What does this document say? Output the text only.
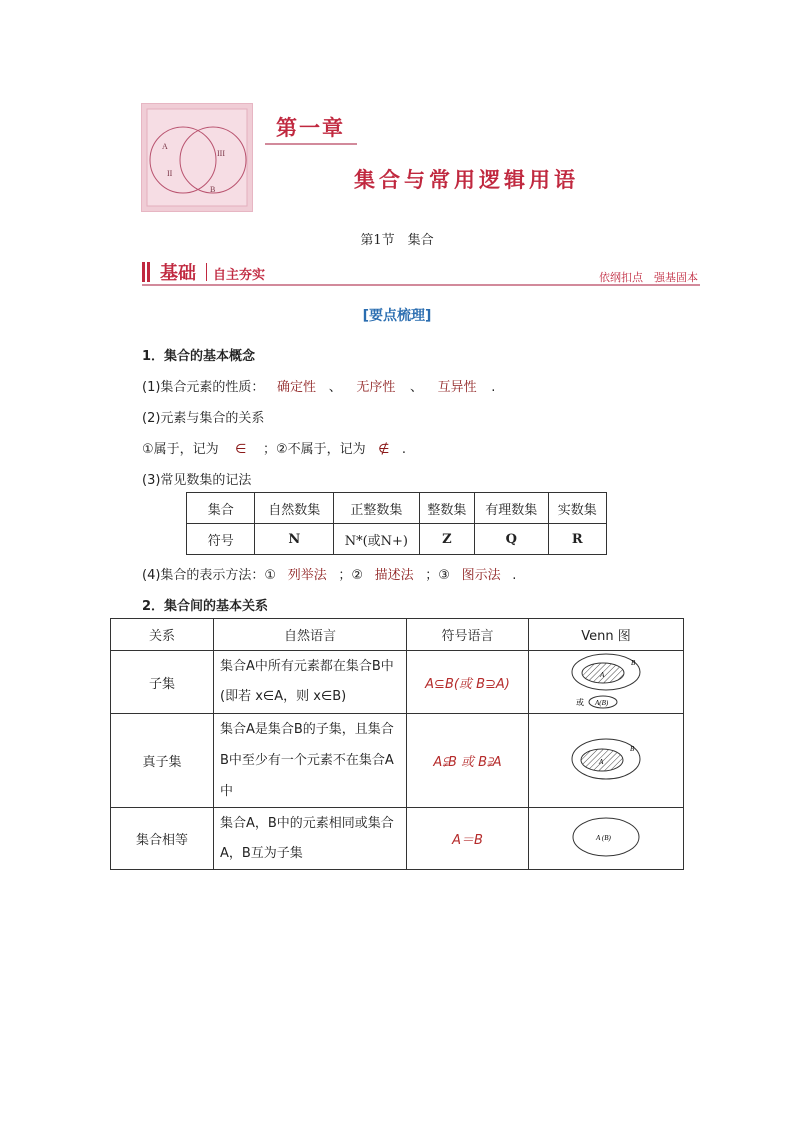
A
II
III
B
第一章
集合与常用逻辑用语
第1节　集合
基础 自主夯实	依纲扣点　强基固本
[要点梳理]
1．集合的基本概念
(1)集合元素的性质： 确定性 、 无序性 、 互异性 .
(2)元素与集合的关系
①属于，记为 ∈ ；②不属于，记为 ∉ .
(3)常见数集的记法
集合	自然数集	正整数集	整数集	有理数集	实数集
符号	N	N*(或N+)	Z	Q	R
(4)集合的表示方法：① 列举法 ；② 描述法 ；③ 图示法 .
2．集合间的基本关系
关系	自然语言	符号语言	Venn 图
子集	集合A中所有元素都在集合B中(即若 x∈A，则 x∈B)	A⊆B(或 B⊇A)	A
B
或 A(B)

真子集	集合A是集合B的子集，且集合B中至少有一个元素不在集合A中	A⫋B 或 B⫌A	A
B

集合相等	集合A，B中的元素相同或集合A，B互为子集	A＝B	A (B)
